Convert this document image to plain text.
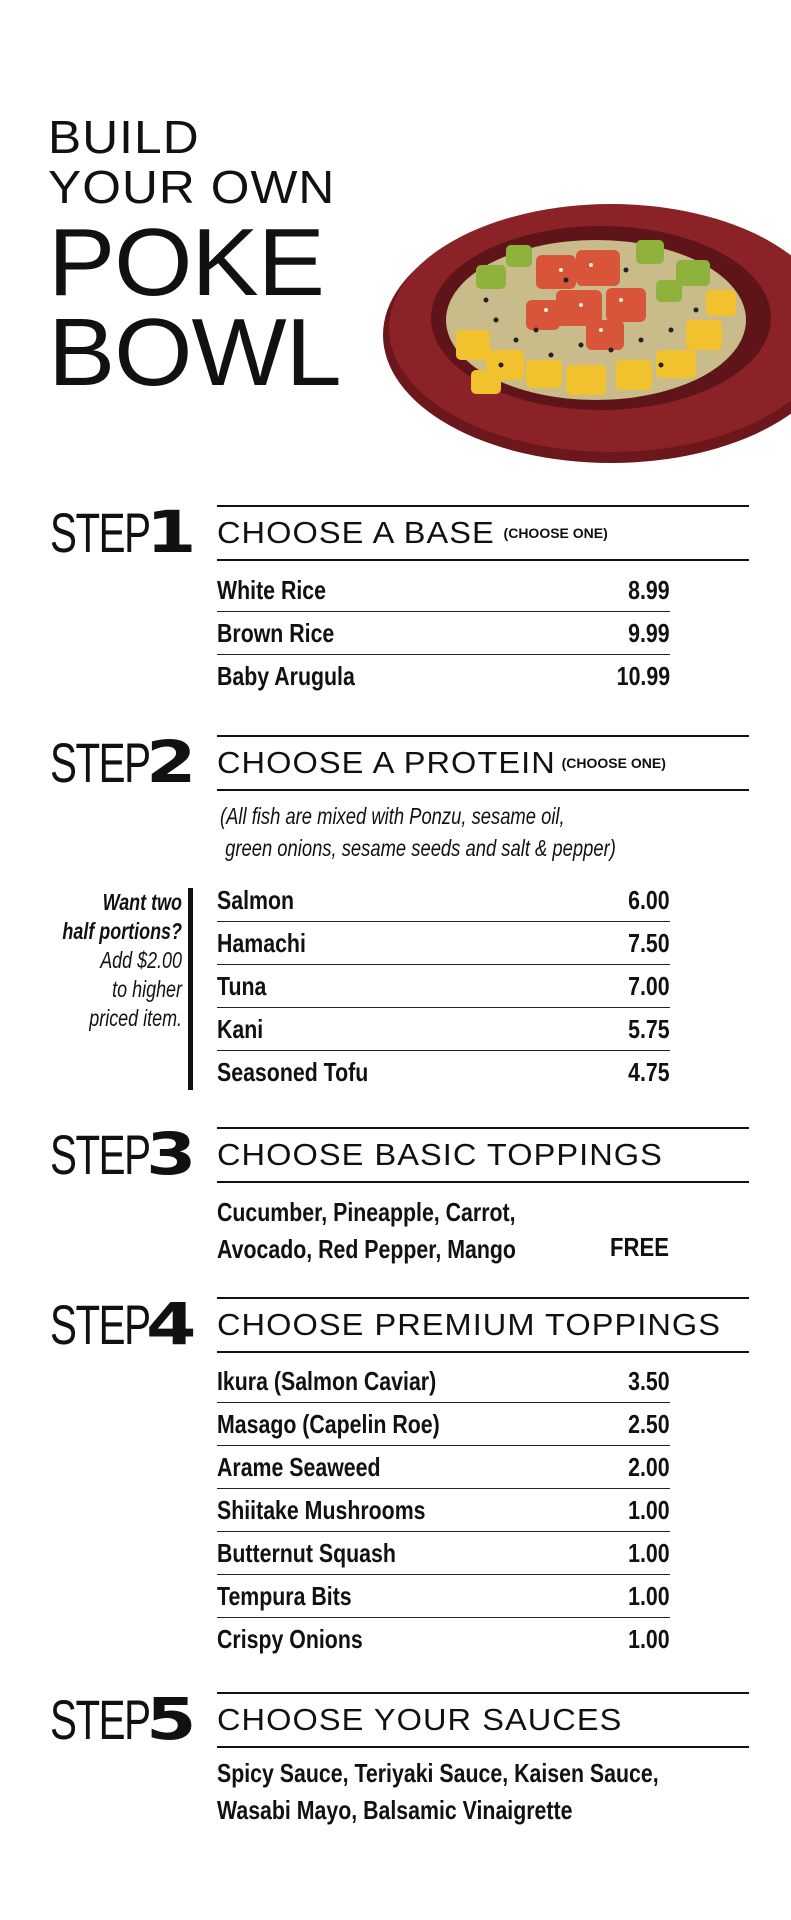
BUILD
YOUR OWN
POKE
BOWL
STEP
1 CHOOSE A BASE (CHOOSE ONE)
White Rice	8.99
Brown Rice	9.99
Baby Arugula	10.99
STEP
2 CHOOSE A PROTEIN (CHOOSE ONE)
(All fish are mixed with Ponzu, sesame oil,
green onions, sesame seeds and salt & pepper)
Want two
half portions?
Add $2.00
to higher
priced item.
Salmon	6.00
Hamachi	7.50
Tuna	7.00
Kani	5.75
Seasoned Tofu	4.75
STEP
3 CHOOSE BASIC TOPPINGS
Cucumber, Pineapple, Carrot,
Avocado, Red Pepper, Mango	FREE
STEP
4 CHOOSE PREMIUM TOPPINGS
Ikura (Salmon Caviar)	3.50
Masago (Capelin Roe)	2.50
Arame Seaweed	2.00
Shiitake Mushrooms	1.00
Butternut Squash	1.00
Tempura Bits	1.00
Crispy Onions	1.00
STEP
5 CHOOSE YOUR SAUCES
Spicy Sauce, Teriyaki Sauce, Kaisen Sauce,
Wasabi Mayo, Balsamic Vinaigrette
